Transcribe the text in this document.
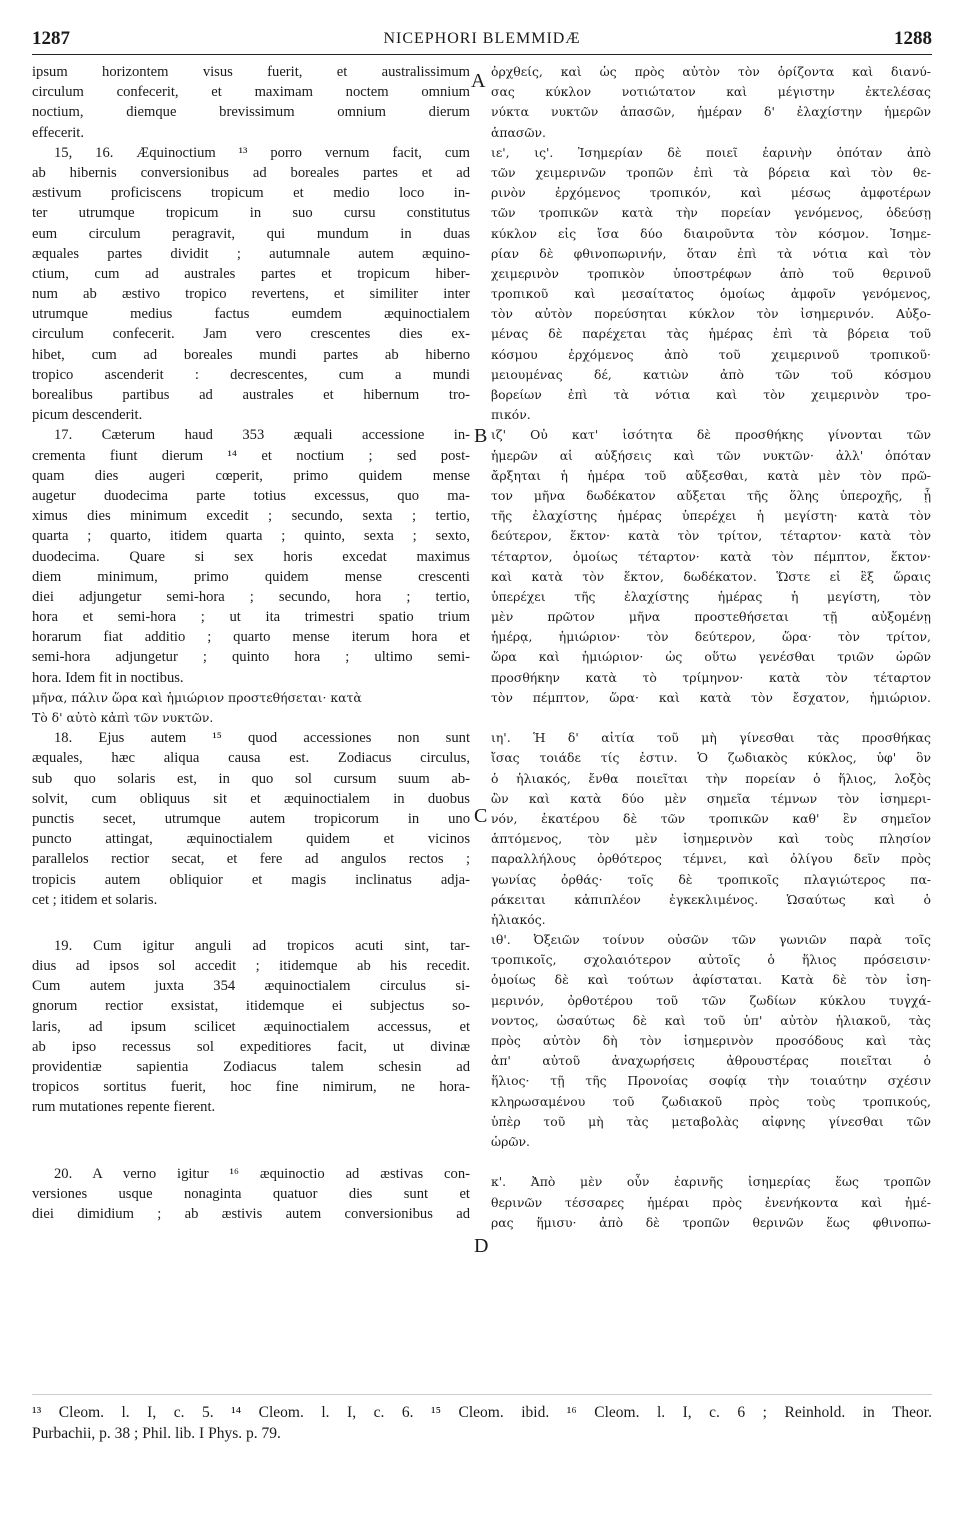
1287	NICEPHORI BLEMMIDÆ	1288
ipsum horizontem visus fuerit, et australissimum
circulum confecerit, et maximam noctem omnium
noctium, diemque brevissimum omnium dierum
effecerit.
15, 16. Æquinoctium ¹³ porro vernum facit, cum
ab hibernis conversionibus ad boreales partes et ad
æstivum proficiscens tropicum et medio loco in-
ter utrumque tropicum in suo cursu constitutus
eum circulum peragravit, qui mundum in duas
æquales partes dividit ; autumnale autem æquino-
ctium, cum ad australes partes et tropicum hiber-
num ab æstivo tropico revertens, et similiter inter
utrumque medius factus eumdem æquinoctialem
circulum confecerit. Jam vero crescentes dies ex-
hibet, cum ad boreales mundi partes ab hiberno
tropico ascenderit : decrescentes, cum a mundi
borealibus partibus ad australes et hibernum tro-
picum descenderit.
17. Cæterum haud 353 æquali accessione in-
crementa fiunt dierum ¹⁴ et noctium ; sed post-
quam dies augeri cœperit, primo quidem mense
augetur duodecima parte totius excessus, quo ma-
ximus dies minimum excedit ; secundo, sexta ; tertio,
quarta ; quarto, itidem quarta ; quinto, sexta ; sexto,
duodecima. Quare si sex horis excedat maximus
diem minimum, primo quidem mense crescenti
diei adjungetur semi-hora ; secundo, hora ; tertio,
hora et semi-hora ; ut ita trimestri spatio trium
horarum fiat additio ; quarto mense iterum hora et
semi-hora adjungetur ; quinto hora ; ultimo semi-
hora. Idem fit in noctibus.
μῆνα, πάλιν ὥρα καὶ ἡμιώριον προστεθήσεται· κατὰ
Τὸ δ' αὐτὸ κἀπὶ τῶν νυκτῶν.
18. Ejus autem ¹⁵ quod accessiones non sunt
æquales, hæc aliqua causa est. Zodiacus circulus,
sub quo solaris est, in quo sol cursum suum ab-
solvit, cum obliquus sit et æquinoctialem in duobus
punctis secet, utrumque autem tropicorum in uno
puncto attingat, æquinoctialem quidem et vicinos
parallelos rectior secat, et fere ad angulos rectos ;
tropicis autem obliquior et magis inclinatus adja-
cet ; itidem et solaris.
19. Cum igitur anguli ad tropicos acuti sint, tar-
dius ad ipsos sol accedit ; itidemque ab his recedit.
Cum autem juxta 354 æquinoctialem circulus si-
gnorum rectior exsistat, itidemque ei subjectus so-
laris, ad ipsum scilicet æquinoctialem accessus, et
ab ipso recessus sol expeditiores facit, ut divinæ
providentiæ sapientia Zodiacus talem schesin ad
tropicos sortitus fuerit, hoc fine nimirum, ne hora-
rum mutationes repente fierent.
20. A verno igitur ¹⁶ æquinoctio ad æstivas con-
versiones usque nonaginta quatuor dies sunt et
diei dimidium ; ab æstivis autem conversionibus ad
A
B
C
D
ὀρχθείς, καὶ ὡς πρὸς αὐτὸν τὸν ὁρίζοντα καὶ διανύ-
σας κύκλον νοτιώτατον καὶ μέγιστην ἐκτελέσας
νύκτα νυκτῶν ἁπασῶν, ἡμέραν δ' ἐλαχίστην ἡμερῶν
ἁπασῶν.
ιε', ις'. Ἰσημερίαν δὲ ποιεῖ ἐαρινὴν ὁπόταν ἀπὸ
τῶν χειμερινῶν τροπῶν ἐπὶ τὰ βόρεια καὶ τὸν θε-
ρινὸν ἐρχόμενος τροπικόν, καὶ μέσως ἀμφοτέρων
τῶν τροπικῶν κατὰ τὴν πορείαν γενόμενος, ὁδεύσῃ
κύκλον εἰς ἴσα δύο διαιροῦντα τὸν κόσμον. Ἰσημε-
ρίαν δὲ φθινοπωρινήν, ὅταν ἐπὶ τὰ νότια καὶ τὸν
χειμερινὸν τροπικὸν ὑποστρέφων ἀπὸ τοῦ θερινοῦ
τροπικοῦ καὶ μεσαίτατος ὁμοίως ἀμφοῖν γενόμενος,
τὸν αὐτὸν πορεύσηται κύκλον τὸν ἰσημερινόν. Αὐξο-
μένας δὲ παρέχεται τὰς ἡμέρας ἐπὶ τὰ βόρεια τοῦ
κόσμου ἐρχόμενος ἀπὸ τοῦ χειμερινοῦ τροπικοῦ·
μειουμένας δέ, κατιὼν ἀπὸ τῶν τοῦ κόσμου
βορείων ἐπὶ τὰ νότια καὶ τὸν χειμερινὸν τρο-
πικόν.
ιζ' Οὐ κατ' ἰσότητα δὲ προσθήκης γίνονται τῶν
ἡμερῶν αἱ αὐξήσεις καὶ τῶν νυκτῶν· ἀλλ' ὁπόταν
ἄρξηται ἡ ἡμέρα τοῦ αὔξεσθαι, κατὰ μὲν τὸν πρῶ-
τον μῆνα δωδέκατον αὔξεται τῆς ὅλης ὑπεροχῆς, ᾗ
τῆς ἐλαχίστης ἡμέρας ὑπερέχει ἡ μεγίστη· κατὰ τὸν
δεύτερον, ἕκτον· κατὰ τὸν τρίτον, τέταρτον· κατὰ τὸν
τέταρτον, ὁμοίως τέταρτον· κατὰ τὸν πέμπτον, ἕκτον·
καὶ κατὰ τὸν ἕκτον, δωδέκατον. Ὥστε εἰ ἓξ ὥραις
ὑπερέχει τῆς ἐλαχίστης ἡμέρας ἡ μεγίστη, τὸν
μὲν πρῶτον μῆνα προστεθήσεται τῇ αὐξομένῃ
ἡμέρᾳ, ἡμιώριον· τὸν δεύτερον, ὥρα· τὸν τρίτον,
ὥρα καὶ ἡμιώριον· ὡς οὕτω γενέσθαι τριῶν ὡρῶν
προσθήκην κατὰ τὸ τρίμηνον· κατὰ τὸν τέταρτον
τὸν πέμπτον, ὥρα· καὶ κατὰ τὸν ἔσχατον, ἡμιώριον.
ιη'. Ἡ δ' αἰτία τοῦ μὴ γίνεσθαι τὰς προσθήκας
ἴσας τοιάδε τίς ἐστιν. Ὁ ζωδιακὸς κύκλος, ὑφ' ὃν
ὁ ἡλιακός, ἔνθα ποιεῖται τὴν πορείαν ὁ ἥλιος, λοξὸς
ὢν καὶ κατὰ δύο μὲν σημεῖα τέμνων τὸν ἰσημερι-
νόν, ἑκατέρου δὲ τῶν τροπικῶν καθ' ἓν σημεῖον
ἁπτόμενος, τὸν μὲν ἰσημερινὸν καὶ τοὺς πλησίον
παραλλήλους ὀρθότερος τέμνει, καὶ ὀλίγου δεῖν πρὸς
γωνίας ὀρθάς· τοῖς δὲ τροπικοῖς πλαγιώτερος πα-
ράκειται κἀπιπλέον ἐγκεκλιμένος. Ὡσαύτως καὶ ὁ
ἡλιακός.
ιθ'. Ὀξειῶν τοίνυν οὐσῶν τῶν γωνιῶν παρὰ τοῖς
τροπικοῖς, σχολαιότερον αὐτοῖς ὁ ἥλιος πρόσεισιν·
ὁμοίως δὲ καὶ τούτων ἀφίσταται. Κατὰ δὲ τὸν ἰση-
μερινόν, ὀρθοτέρου τοῦ τῶν ζωδίων κύκλου τυγχά-
νοντος, ὡσαύτως δὲ καὶ τοῦ ὑπ' αὐτὸν ἡλιακοῦ, τὰς
πρὸς αὐτὸν δὴ τὸν ἰσημερινὸν προσόδους καὶ τὰς
ἀπ' αὐτοῦ ἀναχωρήσεις ἀθρουστέρας ποιεῖται ὁ
ἥλιος· τῇ τῆς Προνοίας σοφίᾳ τὴν τοιαύτην σχέσιν
κληρωσαμένου τοῦ ζωδιακοῦ πρὸς τοὺς τροπικούς,
ὑπὲρ τοῦ μὴ τὰς μεταβολὰς αἰφνης γίνεσθαι τῶν
ὡρῶν.
κ'. Ἀπὸ μὲν οὖν ἐαρινῆς ἰσημερίας ἕως τροπῶν
θερινῶν τέσσαρες ἡμέραι πρὸς ἐνενήκοντα καὶ ἡμέ-
ρας ἥμισυ· ἀπὸ δὲ τροπῶν θερινῶν ἕως φθινοπω-
¹³ Cleom. l. I, c. 5. ¹⁴ Cleom. l. I, c. 6. ¹⁵ Cleom. ibid. ¹⁶ Cleom. l. I, c. 6 ; Reinhold. in Theor.
Purbachii, p. 38 ; Phil. lib. I Phys. p. 79.
